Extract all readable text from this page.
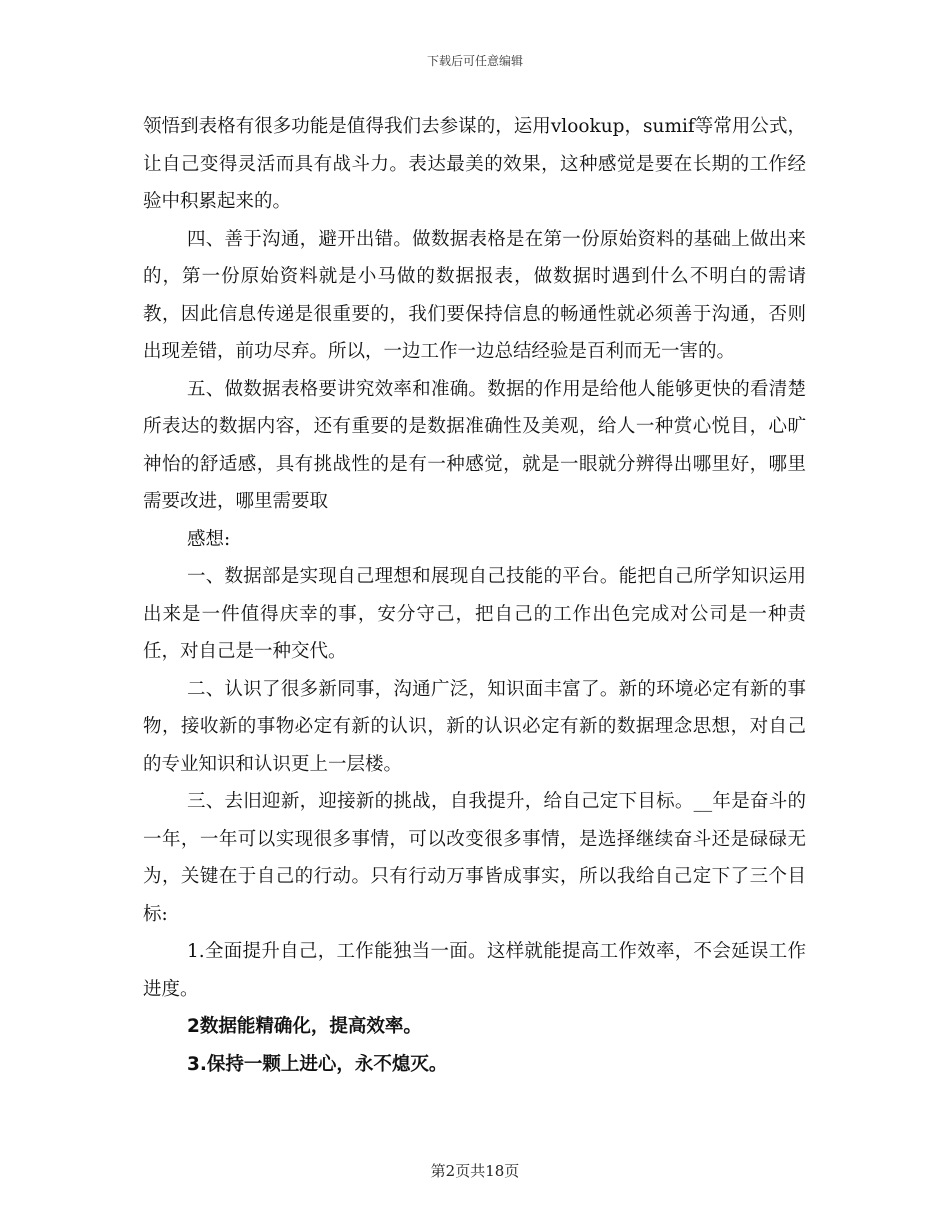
下载后可任意编辑

领悟到表格有很多功能是值得我们去参谋的，运用vlookup，sumif等常用公式，让自己变得灵活而具有战斗力。表达最美的效果，这种感觉是要在长期的工作经验中积累起来的。

四、善于沟通，避开出错。做数据表格是在第一份原始资料的基础上做出来的，第一份原始资料就是小马做的数据报表，做数据时遇到什么不明白的需请教，因此信息传递是很重要的，我们要保持信息的畅通性就必须善于沟通，否则出现差错，前功尽弃。所以，一边工作一边总结经验是百利而无一害的。

五、做数据表格要讲究效率和准确。数据的作用是给他人能够更快的看清楚所表达的数据内容，还有重要的是数据准确性及美观，给人一种赏心悦目，心旷神怡的舒适感，具有挑战性的是有一种感觉，就是一眼就分辨得出哪里好，哪里需要改进，哪里需要取

感想:

一、数据部是实现自己理想和展现自己技能的平台。能把自己所学知识运用出来是一件值得庆幸的事，安分守己，把自己的工作出色完成对公司是一种责任，对自己是一种交代。

二、认识了很多新同事，沟通广泛，知识面丰富了。新的环境必定有新的事物，接收新的事物必定有新的认识，新的认识必定有新的数据理念思想，对自己的专业知识和认识更上一层楼。

三、去旧迎新，迎接新的挑战，自我提升，给自己定下目标。__年是奋斗的一年，一年可以实现很多事情，可以改变很多事情，是选择继续奋斗还是碌碌无为，关键在于自己的行动。只有行动万事皆成事实，所以我给自己定下了三个目标:

1.全面提升自己，工作能独当一面。这样就能提高工作效率，不会延误工作进度。

2数据能精确化，提高效率。

3.保持一颗上进心，永不熄灭。

第2页共18页
